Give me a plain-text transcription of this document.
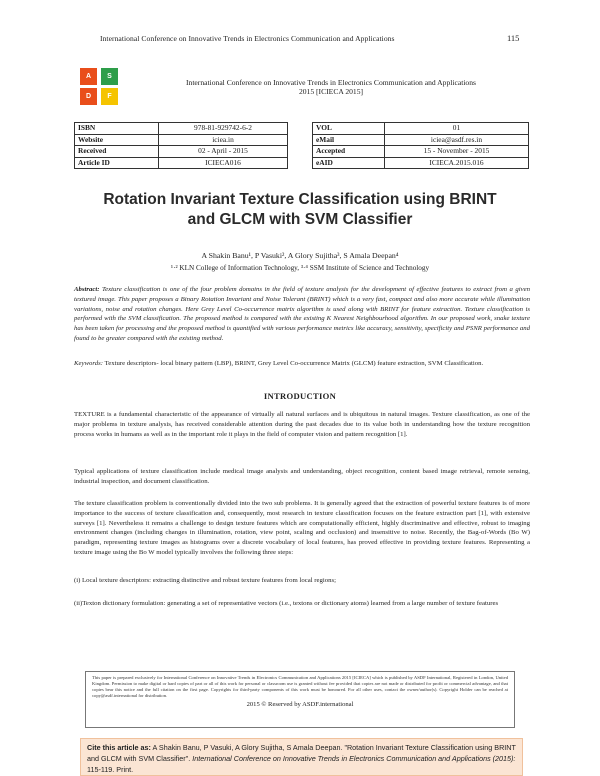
International Conference on Innovative Trends in Electronics Communication and Applications	115
A	S
D	F
International Conference on Innovative Trends in Electronics Communication and Applications
2015 [ICIECA 2015]
ISBN	978-81-929742-6-2
Website	iciea.in
Received	02 - April - 2015
Article ID	ICIECA016
VOL	01
eMail	iciea@asdf.res.in
Accepted	15 - November - 2015
eAID	ICIECA.2015.016
Rotation Invariant Texture Classification using BRINT
and GLCM with SVM Classifier
A Shakin Banu¹, P Vasuki², A Glory Sujitha³, S Amala Deepan⁴
¹·² KLN College of Information Technology, ³·⁴ SSM Institute of Science and Technology
Abstract: Texture classification is one of the four problem domains in the field of texture analysis for the development of effective features to extract from a given textured image. This paper proposes a Binary Rotation Invariant and Noise Tolerant (BRINT) which is a very fast, compact and also more accurate while illumination variations, noise and rotation changes. Here Grey Level Co-occurrence matrix algorithm is used along with BRINT for feature extraction. Texture classification is performed with the SVM classification. The proposed method is compared with the existing K Nearest Neighbourhood algorithm. In our proposed work, snake texture has been taken for processing and the proposed method is quantified with various performance metrics like accuracy, sensitivity, specificity and PSNR performance and found to be greater compared with the existing method.
Keywords: Texture descriptors- local binary pattern (LBP), BRINT, Grey Level Co-occurrence Matrix (GLCM) feature extraction, SVM Classification.
INTRODUCTION
TEXTURE is a fundamental characteristic of the appearance of virtually all natural surfaces and is ubiquitous in natural images. Texture classification, as one of the major problems in texture analysis, has received considerable attention during the past decades due to its value both in understanding how the texture recognition process works in humans as well as in the important role it plays in the field of computer vision and pattern recognition [1].
Typical applications of texture classification include medical image analysis and understanding, object recognition, content based image retrieval, remote sensing, industrial inspection, and document classification.
The texture classification problem is conventionally divided into the two sub problems. It is generally agreed that the extraction of powerful texture features is of more importance to the success of texture classification and, consequently, most research in texture classification focuses on the feature extraction part [1], with extensive surveys [1]. Nevertheless it remains a challenge to design texture features which are computationally efficient, highly discriminative and effective, robust to imaging environment changes (including changes in illumination, rotation, view point, scaling and occlusion) and insensitive to noise. Recently, the Bag-of-Words (Bo W) paradigm, representing texture images as histograms over a discrete vocabulary of local features, has proved effective in providing texture features. Representing a texture image using the Bo W model typically involves the following three steps:
(i) Local texture descriptors: extracting distinctive and robust texture features from local regions;
(ii)Texton dictionary formulation: generating a set of representative vectors (i.e., textons or dictionary atoms) learned from a large number of texture features
This paper is prepared exclusively for International Conference on Innovative Trends in Electronics Communication and Applications 2015 [ICIECA] which is published by ASDF International, Registered in London, United Kingdom. Permission to make digital or hard copies of part or all of this work for personal or classroom use is granted without fee provided that copies are not made or distributed for profit or commercial advantage, and that copies bear this notice and the full citation on the first page. Copyrights for third-party components of this work must be honoured. For all other uses, contact the owner/author(s). Copyright Holder can be reached at copy@asdf.international for distribution.
2015 © Reserved by ASDF.international
Cite this article as: A Shakin Banu, P Vasuki, A Glory Sujitha, S Amala Deepan. "Rotation Invariant Texture Classification using BRINT and GLCM with SVM Classifier". International Conference on Innovative Trends in Electronics Communication and Applications (2015): 115-119. Print.
